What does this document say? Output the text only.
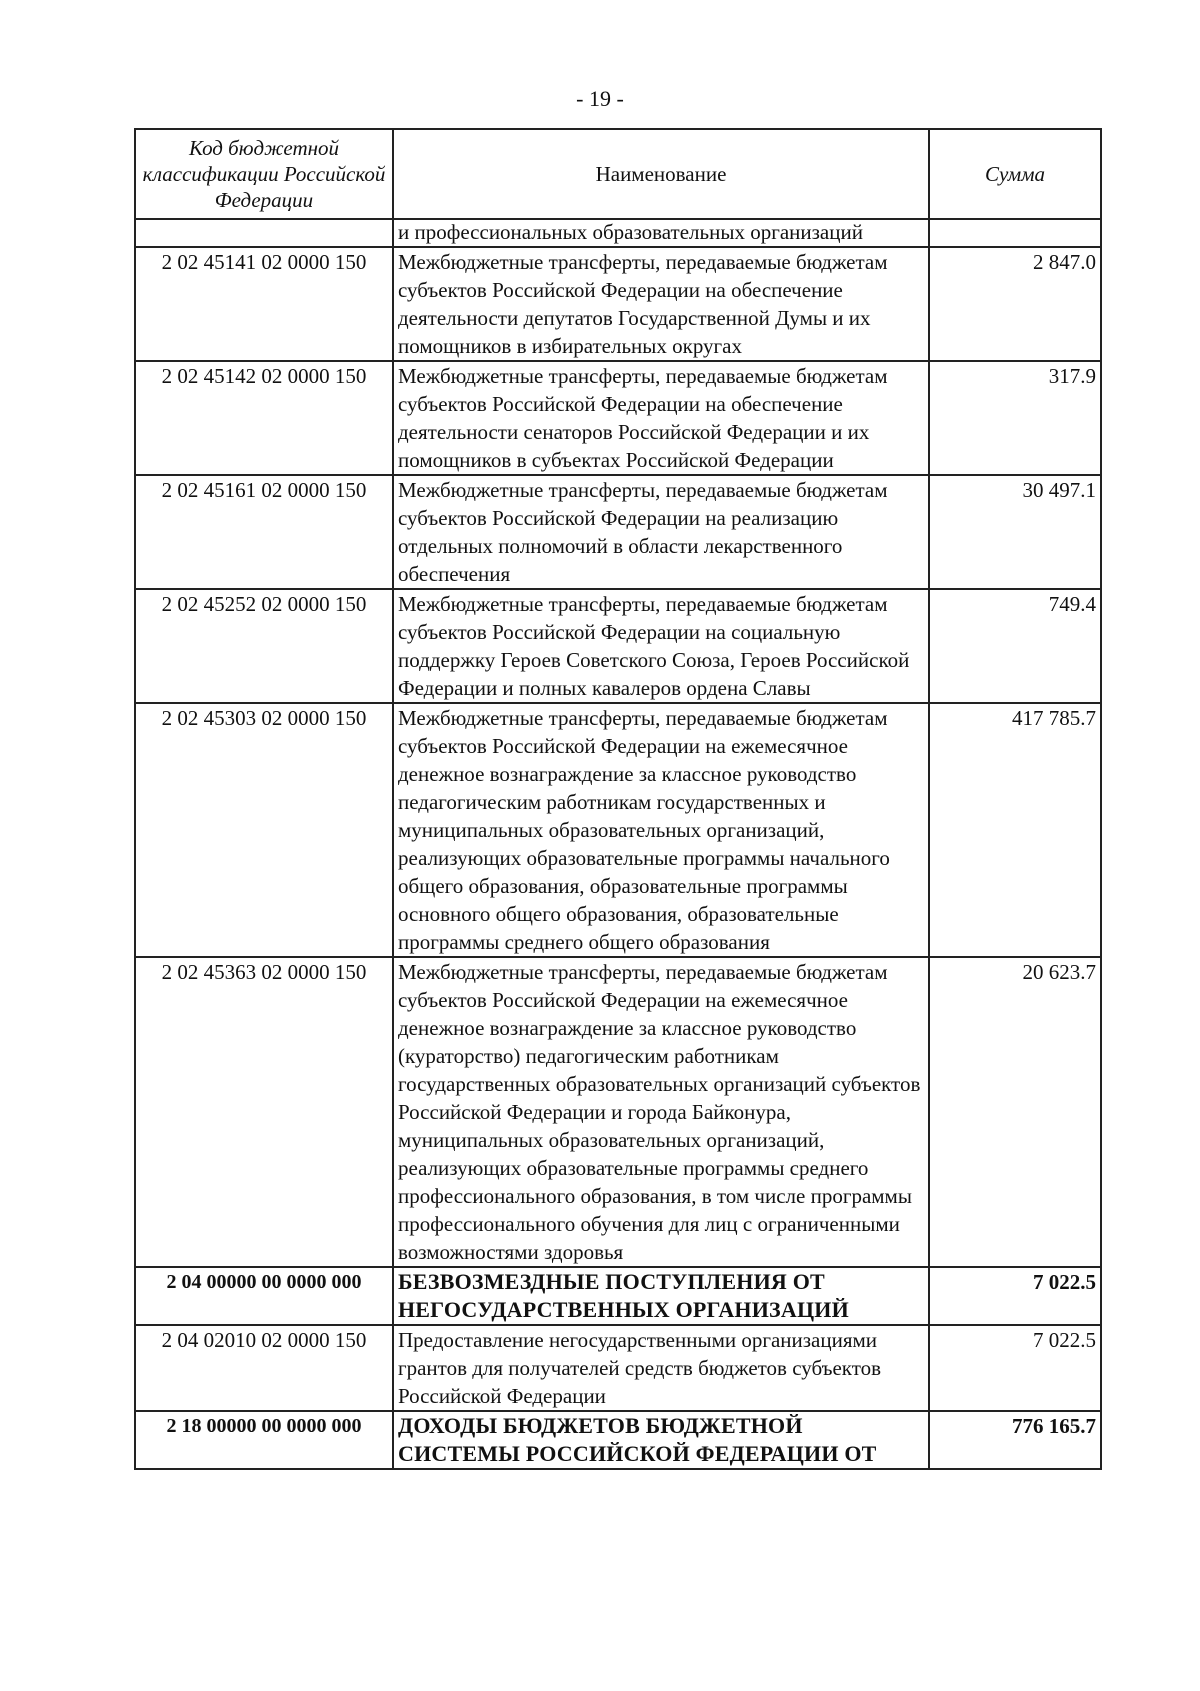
- 19 -
Код бюджетной классификации Российской Федерации	Наименование	Сумма
	и профессиональных образовательных организаций	
2 02 45141 02 0000 150	Межбюджетные трансферты, передаваемые бюджетам субъектов Российской Федерации на обеспечение деятельности депутатов Государственной Думы и их помощников в избирательных округах	2 847.0
2 02 45142 02 0000 150	Межбюджетные трансферты, передаваемые бюджетам субъектов Российской Федерации на обеспечение деятельности сенаторов Российской Федерации и их помощников в субъектах Российской Федерации	317.9
2 02 45161 02 0000 150	Межбюджетные трансферты, передаваемые бюджетам субъектов Российской Федерации на реализацию отдельных полномочий в области лекарственного обеспечения	30 497.1
2 02 45252 02 0000 150	Межбюджетные трансферты, передаваемые бюджетам субъектов Российской Федерации на социальную поддержку Героев Советского Союза, Героев Российской Федерации и полных кавалеров ордена Славы	749.4
2 02 45303 02 0000 150	Межбюджетные трансферты, передаваемые бюджетам субъектов Российской Федерации на ежемесячное денежное вознаграждение за классное руководство педагогическим работникам государственных и муниципальных образовательных организаций, реализующих образовательные программы начального общего образования, образовательные программы основного общего образования, образовательные программы среднего общего образования	417 785.7
2 02 45363 02 0000 150	Межбюджетные трансферты, передаваемые бюджетам субъектов Российской Федерации на ежемесячное денежное вознаграждение за классное руководство (кураторство) педагогическим работникам государственных образовательных организаций субъектов Российской Федерации и города Байконура, муниципальных образовательных организаций, реализующих образовательные программы среднего профессионального образования, в том числе программы профессионального обучения для лиц с ограниченными возможностями здоровья	20 623.7
2 04 00000 00 0000 000	БЕЗВОЗМЕЗДНЫЕ ПОСТУПЛЕНИЯ ОТ НЕГОСУДАРСТВЕННЫХ ОРГАНИЗАЦИЙ	7 022.5
2 04 02010 02 0000 150	Предоставление негосударственными организациями грантов для получателей средств бюджетов субъектов Российской Федерации	7 022.5
2 18 00000 00 0000 000	ДОХОДЫ БЮДЖЕТОВ БЮДЖЕТНОЙ СИСТЕМЫ РОССИЙСКОЙ ФЕДЕРАЦИИ ОТ	776 165.7
